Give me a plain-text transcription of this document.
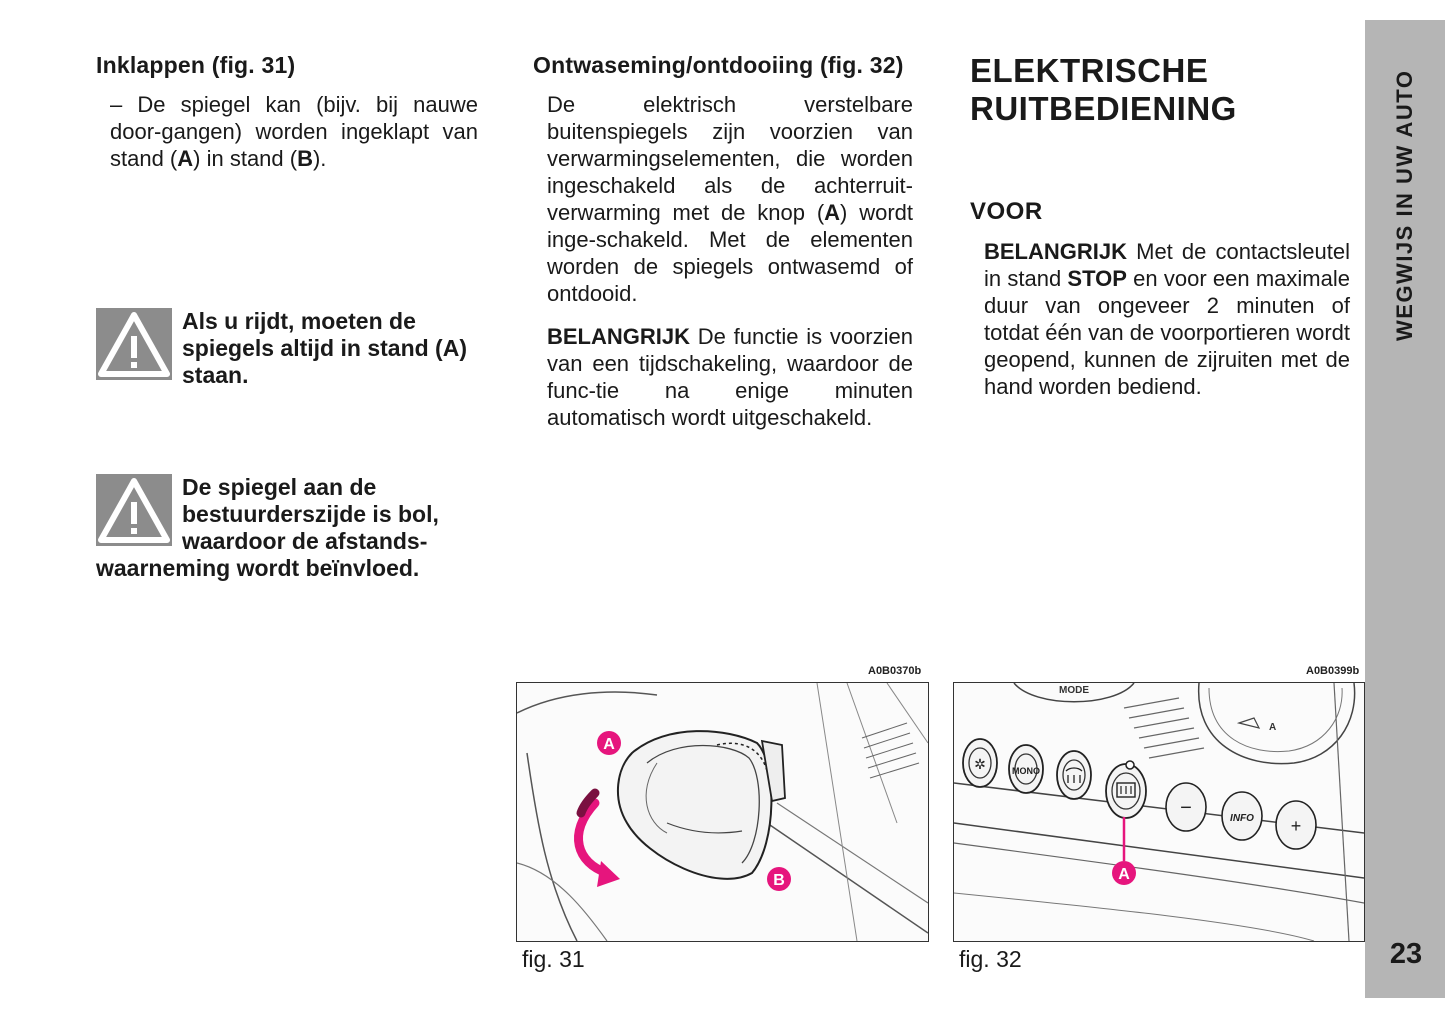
Inklappen (fig. 31)

– De spiegel kan (bijv. bij nauwe door-gangen) worden ingeklapt van stand (A) in stand (B).

Als u rijdt, moeten de spiegels altijd in stand (A) staan.
De spiegel aan de bestuurderszijde is bol, waardoor de afstands-waarneming wordt beïnvloed.
Ontwaseming/ontdooiing (fig. 32)

De elektrisch verstelbare buitenspiegels zijn voorzien van verwarmingselementen, die worden ingeschakeld als de achterruit-verwarming met de knop (A) wordt inge-schakeld. Met de elementen worden de spiegels ontwasemd of ontdooid.

BELANGRIJK De functie is voorzien van een tijdschakeling, waardoor de func-tie na enige minuten automatisch wordt uitgeschakeld.

ELEKTRISCHE
RUITBEDIENING
VOOR

BELANGRIJK Met de contactsleutel in stand STOP en voor een maximale duur van ongeveer 2 minuten of totdat één van de voorportieren wordt geopend, kunnen de zijruiten met de hand worden bediend.

A0B0370b
A
B
fig. 31
A0B0399b
MODE
A
✲	MONO
−	INFO +
A
fig. 32
WEGWIJS IN UW AUTO
23
